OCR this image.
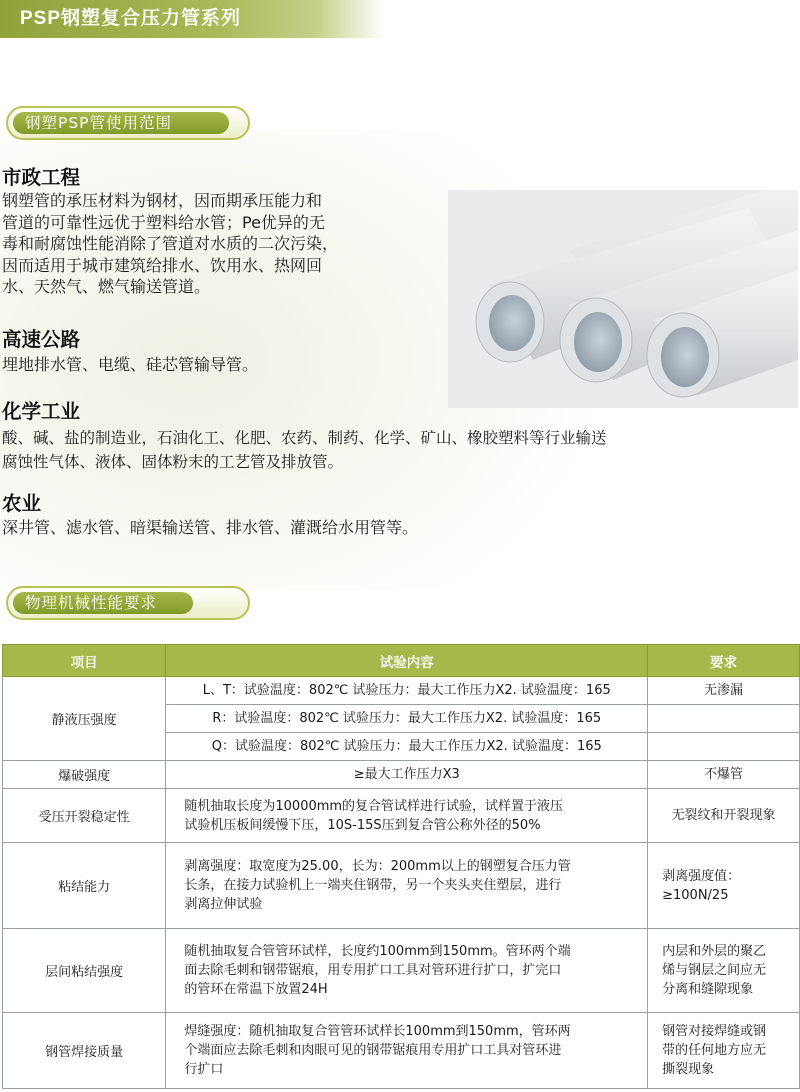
PSP钢塑复合压力管系列
钢塑PSP管使用范围
市政工程
钢塑管的承压材料为钢材，因而期承压能力和
管道的可靠性远优于塑料给水管；Pe优异的无
毒和耐腐蚀性能消除了管道对水质的二次污染，
因而适用于城市建筑给排水、饮用水、热网回
水、天然气、燃气输送管道。
高速公路
埋地排水管、电缆、硅芯管输导管。
化学工业
酸、碱、盐的制造业，石油化工、化肥、农药、制药、化学、矿山、橡胶塑料等行业输送
腐蚀性气体、液体、固体粉末的工艺管及排放管。
农业
深井管、滤水管、暗渠输送管、排水管、灌溉给水用管等。
物理机械性能要求
项目	试验内容	要求
静液压强度	L、T：试验温度：802℃ 试验压力：最大工作压力X2. 试验温度：165	无渗漏
	R：试验温度：802℃ 试验压力：最大工作压力X2. 试验温度：165	
	Q：试验温度：802℃ 试验压力：最大工作压力X2. 试验温度：165	
爆破强度	≥最大工作压力X3	不爆管

受压开裂稳定性	随机抽取长度为10000mm的复合管试样进行试验，试样置于液压
试验机压板间缓慢下压，10S-15S压到复合管公称外径的50%	无裂纹和开裂现象

粘结能力	剥离强度：取宽度为25.00，长为：200mm以上的钢塑复合压力管
长条，在接力试验机上一端夹住钢带，另一个夹头夹住塑层，进行
剥离拉伸试验	剥离强度值：
≥100N/25

层间粘结强度	随机抽取复合管管环试样，长度约100mm到150mm。管环两个端
面去除毛刺和钢带锯痕，用专用扩口工具对管环进行扩口，扩完口
的管环在常温下放置24H	内层和外层的聚乙
烯与钢层之间应无
分离和缝隙现象

钢管焊接质量	焊缝强度：随机抽取复合管管环试样长100mm到150mm，管环两
个端面应去除毛刺和肉眼可见的钢带锯痕用专用扩口工具对管环进
行扩口	钢管对接焊缝或钢
带的任何地方应无
撕裂现象
